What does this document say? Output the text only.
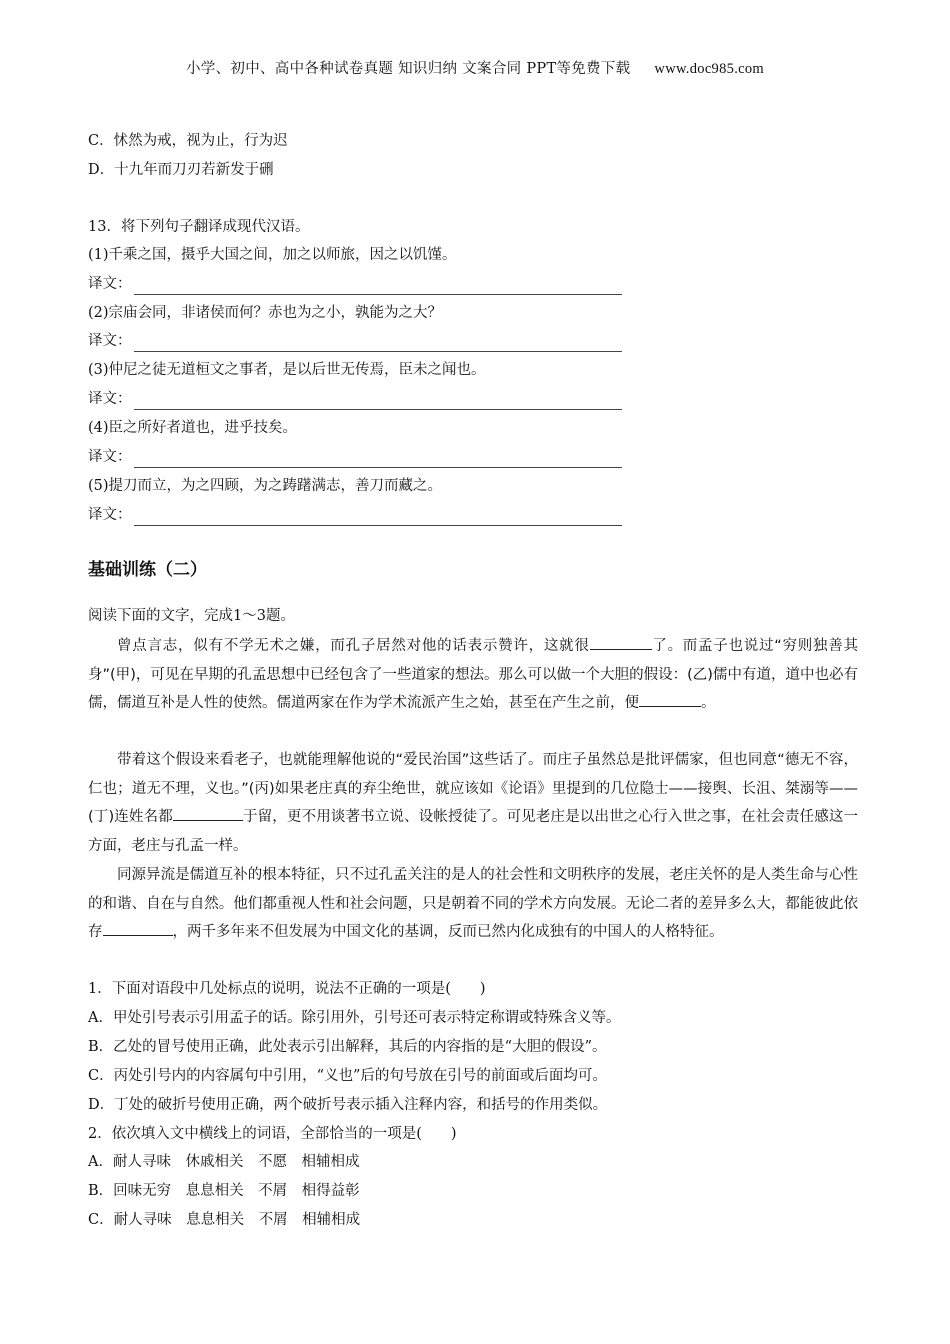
小学、初中、高中各种试卷真题 知识归纳 文案合同 PPT等免费下载 www.doc985.com
C．怵然为戒，视为止，行为迟
D．十九年而刀刃若新发于硎
13．将下列句子翻译成现代汉语。
(1)千乘之国，摄乎大国之间，加之以师旅，因之以饥馑。
译文：
(2)宗庙会同，非诸侯而何？赤也为之小，孰能为之大？
译文：
(3)仲尼之徒无道桓文之事者，是以后世无传焉，臣未之闻也。
译文：
(4)臣之所好者道也，进乎技矣。
译文：
(5)提刀而立，为之四顾，为之踌躇满志，善刀而藏之。
译文：
基础训练（二）
阅读下面的文字，完成1～3题。
曾点言志，似有不学无术之嫌，而孔子居然对他的话表示赞许，这就很	了。而孟子也说过“穷则独善其身”(甲)，可见在早期的孔孟思想中已经包含了一些道家的想法。那么可以做一个大胆的假设：(乙)儒中有道，道中也必有儒，儒道互补是人性的使然。儒道两家在作为学术流派产生之始，甚至在产生之前，便	。
带着这个假设来看老子，也就能理解他说的“爱民治国”这些话了。而庄子虽然总是批评儒家，但也同意“德无不容，仁也；道无不理，义也。”(丙)如果老庄真的弃尘绝世，就应该如《论语》里提到的几位隐士——接舆、长沮、桀溺等——(丁)连姓名都	于留，更不用谈著书立说、设帐授徒了。可见老庄是以出世之心行入世之事，在社会责任感这一方面，老庄与孔孟一样。
同源异流是儒道互补的根本特征，只不过孔孟关注的是人的社会性和文明秩序的发展，老庄关怀的是人类生命与心性的和谐、自在与自然。他们都重视人性和社会问题，只是朝着不同的学术方向发展。无论二者的差异多么大，都能彼此依存	，两千多年来不但发展为中国文化的基调，反而已然内化成独有的中国人的人格特征。
1．下面对语段中几处标点的说明，说法不正确的一项是(　　)
A．甲处引号表示引用孟子的话。除引用外，引号还可表示特定称谓或特殊含义等。
B．乙处的冒号使用正确，此处表示引出解释，其后的内容指的是“大胆的假设”。
C．丙处引号内的内容属句中引用，“义也”后的句号放在引号的前面或后面均可。
D．丁处的破折号使用正确，两个破折号表示插入注释内容，和括号的作用类似。
2．依次填入文中横线上的词语，全部恰当的一项是(　　)
A．耐人寻味　休戚相关　不愿　相辅相成
B．回味无穷　息息相关　不屑　相得益彰
C．耐人寻味　息息相关　不屑　相辅相成
